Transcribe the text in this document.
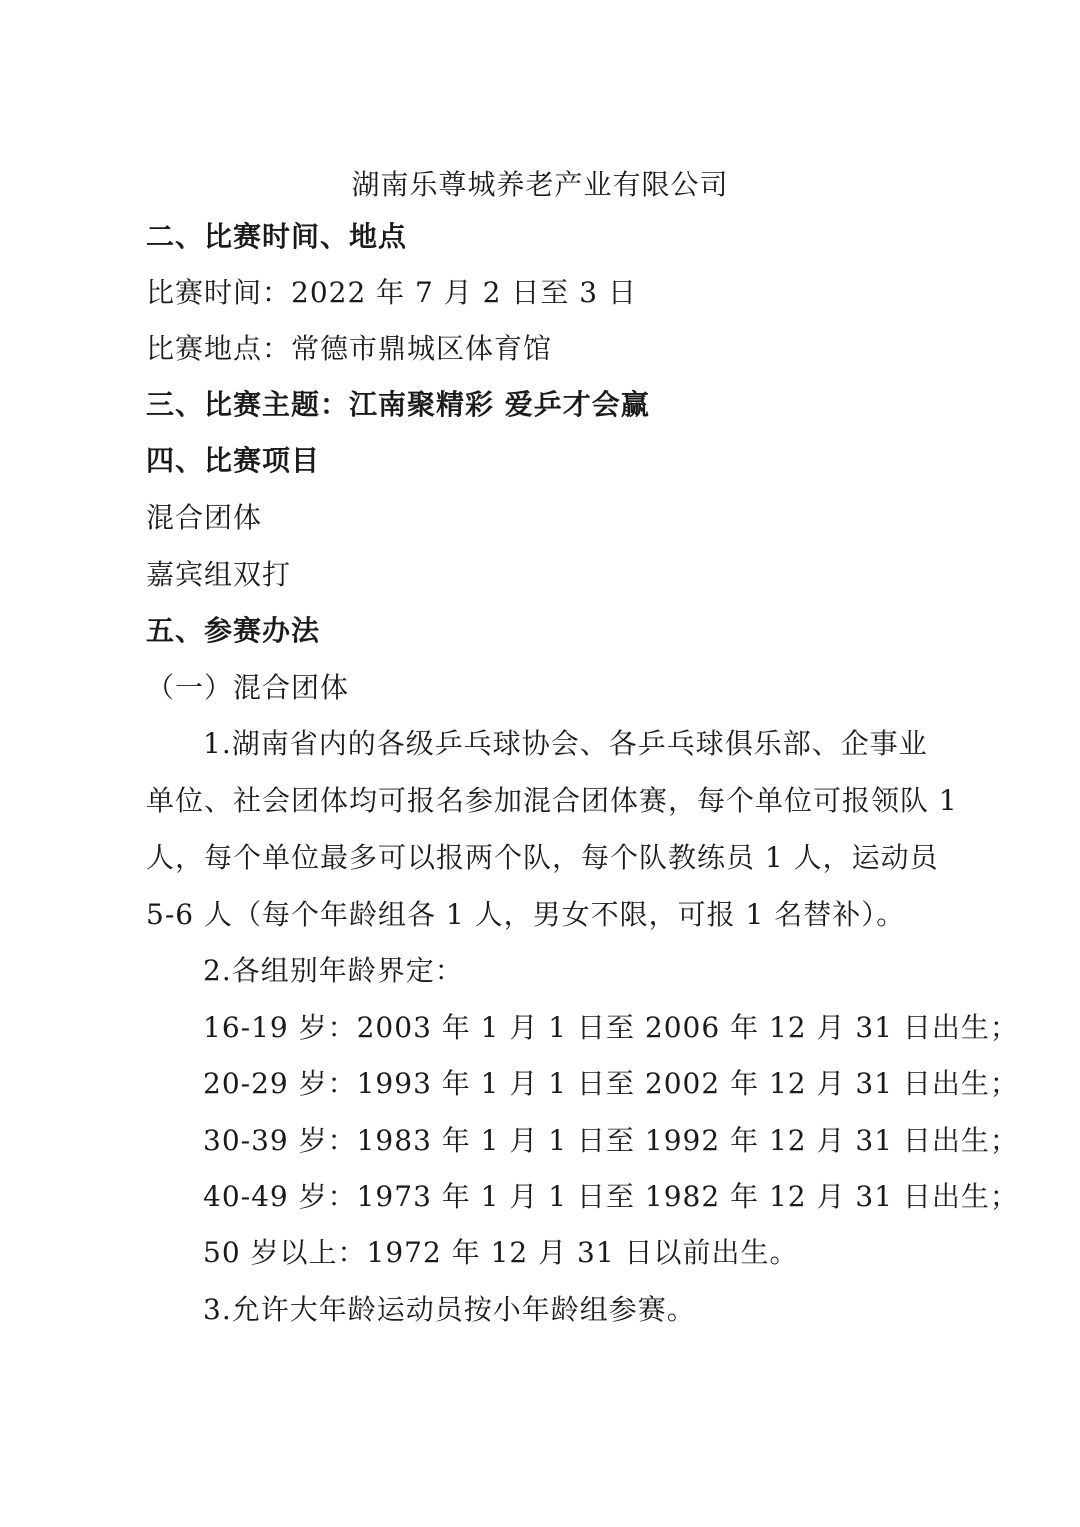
湖南乐尊城养老产业有限公司
二、比赛时间、地点
比赛时间：2022 年 7 月 2 日至 3 日
比赛地点：常德市鼎城区体育馆
三、比赛主题：江南聚精彩 爱乒才会赢
四、比赛项目
混合团体
嘉宾组双打
五、参赛办法
（一）混合团体
1.湖南省内的各级乒乓球协会、各乒乓球俱乐部、企事业
单位、社会团体均可报名参加混合团体赛，每个单位可报领队 1
人，每个单位最多可以报两个队，每个队教练员 1 人，运动员
5-6 人（每个年龄组各 1 人，男女不限，可报 1 名替补）。
2.各组别年龄界定：
16-19 岁：2003 年 1 月 1 日至 2006 年 12 月 31 日出生；
20-29 岁：1993 年 1 月 1 日至 2002 年 12 月 31 日出生；
30-39 岁：1983 年 1 月 1 日至 1992 年 12 月 31 日出生；
40-49 岁：1973 年 1 月 1 日至 1982 年 12 月 31 日出生；
50 岁以上：1972 年 12 月 31 日以前出生。
3.允许大年龄运动员按小年龄组参赛。
